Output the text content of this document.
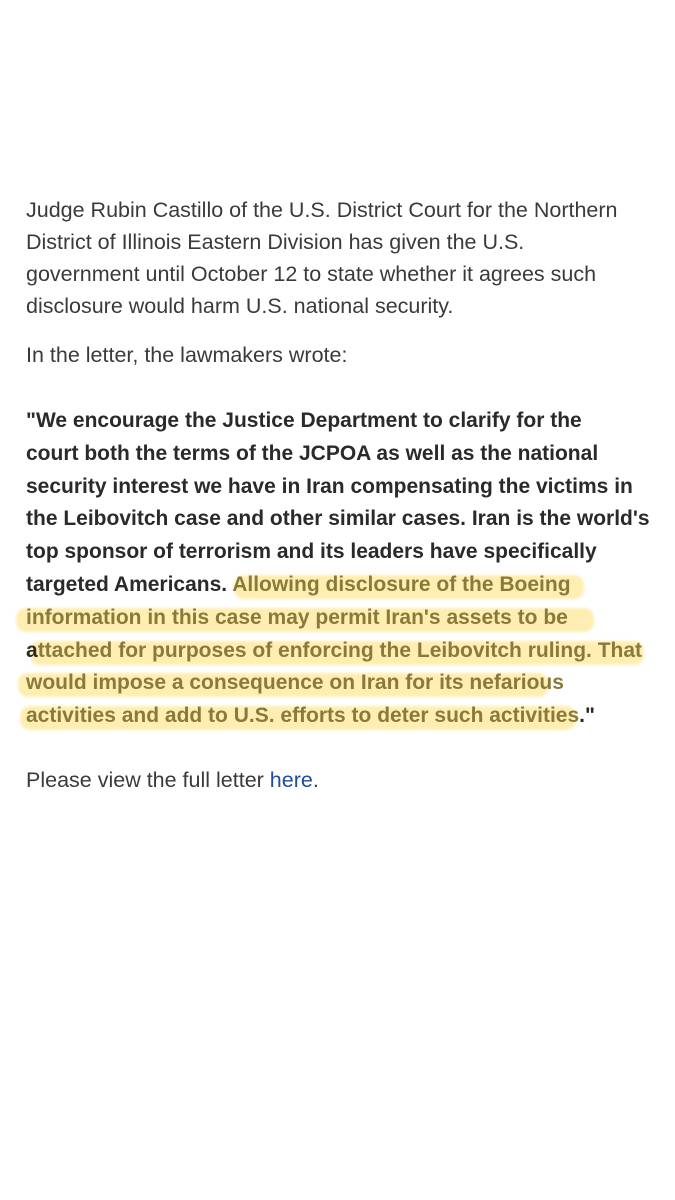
Judge Rubin Castillo of the U.S. District Court for the Northern
District of Illinois Eastern Division has given the U.S.
government until October 12 to state whether it agrees such
disclosure would harm U.S. national security.

In the letter, the lawmakers wrote:

"We encourage the Justice Department to clarify for the
court both the terms of the JCPOA as well as the national
security interest we have in Iran compensating the victims in
the Leibovitch case and other similar cases. Iran is the world's
top sponsor of terrorism and its leaders have specifically
targeted Americans. Allowing disclosure of the Boeing
information in this case may permit Iran's assets to be
attached for purposes of enforcing the Leibovitch ruling. That
would impose a consequence on Iran for its nefarious
activities and add to U.S. efforts to deter such activities."

Please view the full letter here.
